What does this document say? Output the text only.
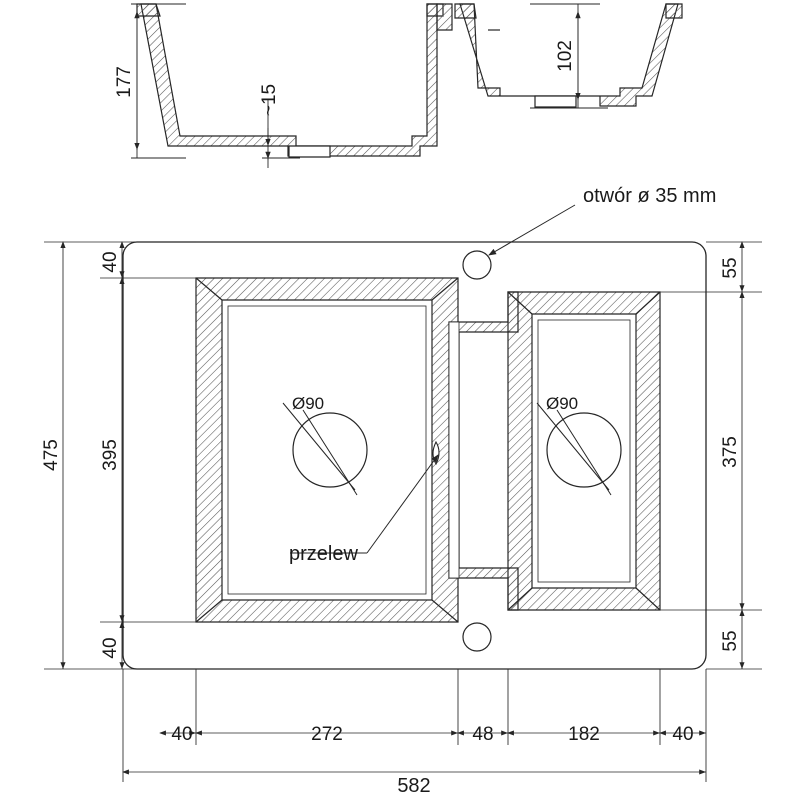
177
~15
102
otwór ø 35 mm
przelew
Ø90	Ø90
475 395
40
40
55
375
55
40	272	48	182	40
582
